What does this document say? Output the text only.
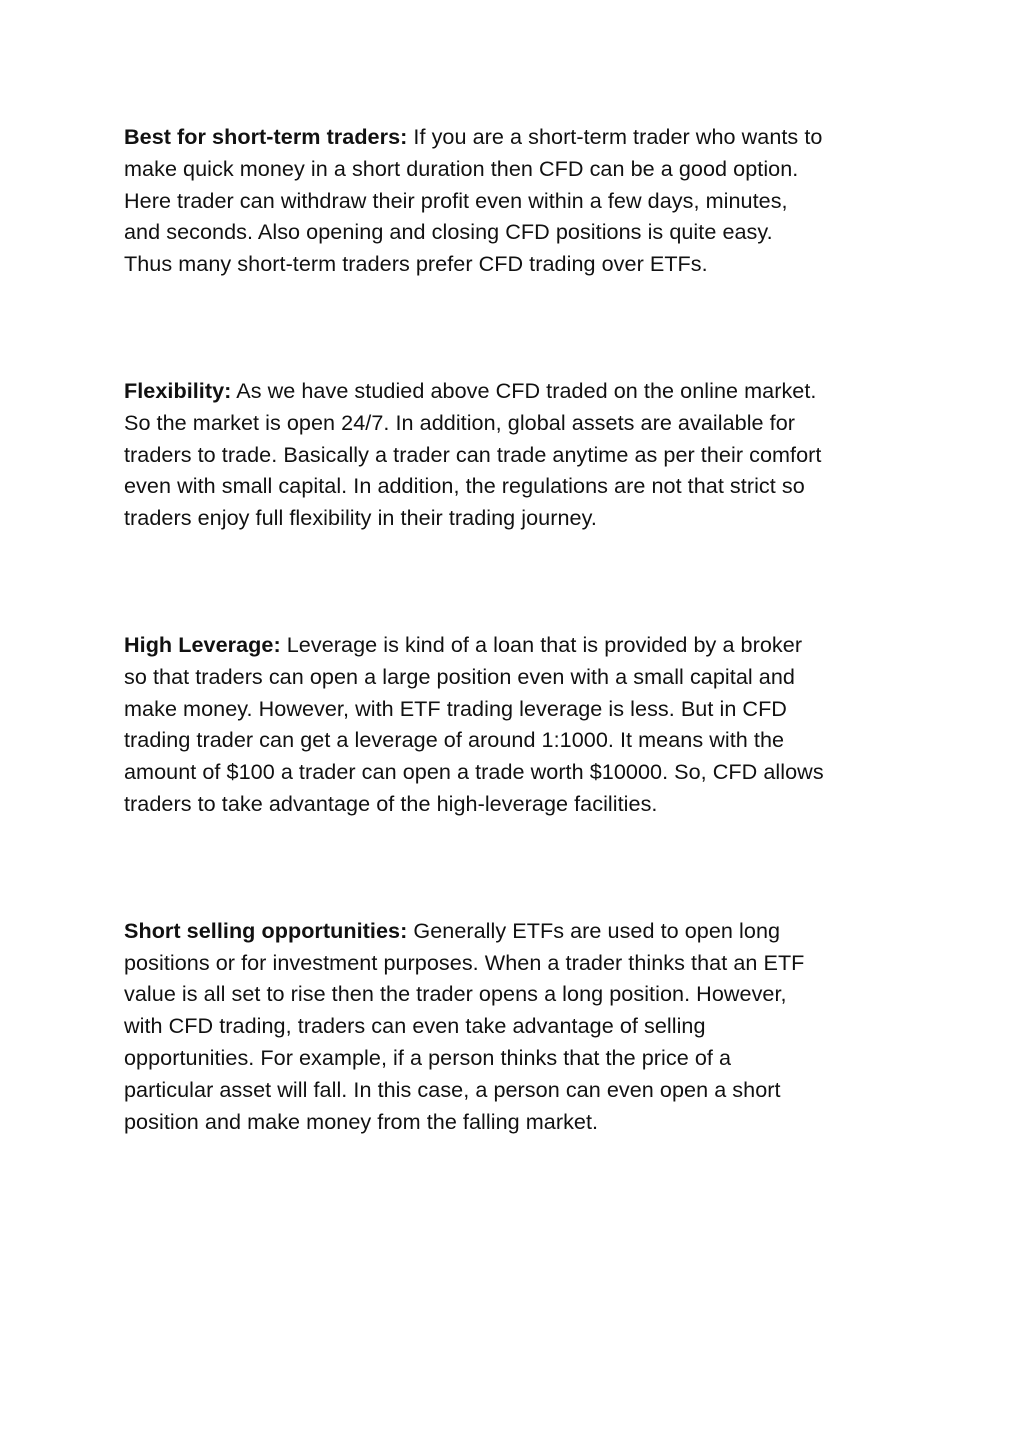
Best for short-term traders: If you are a short-term trader who wants to
make quick money in a short duration then CFD can be a good option.
Here trader can withdraw their profit even within a few days, minutes,
and seconds. Also opening and closing CFD positions is quite easy.
Thus many short-term traders prefer CFD trading over ETFs.

Flexibility: As we have studied above CFD traded on the online market.
So the market is open 24/7. In addition, global assets are available for
traders to trade. Basically a trader can trade anytime as per their comfort
even with small capital. In addition, the regulations are not that strict so
traders enjoy full flexibility in their trading journey.

High Leverage: Leverage is kind of a loan that is provided by a broker
so that traders can open a large position even with a small capital and
make money. However, with ETF trading leverage is less. But in CFD
trading trader can get a leverage of around 1:1000. It means with the
amount of $100 a trader can open a trade worth $10000. So, CFD allows
traders to take advantage of the high-leverage facilities.

Short selling opportunities: Generally ETFs are used to open long
positions or for investment purposes. When a trader thinks that an ETF
value is all set to rise then the trader opens a long position. However,
with CFD trading, traders can even take advantage of selling
opportunities. For example, if a person thinks that the price of a
particular asset will fall. In this case, a person can even open a short
position and make money from the falling market.
